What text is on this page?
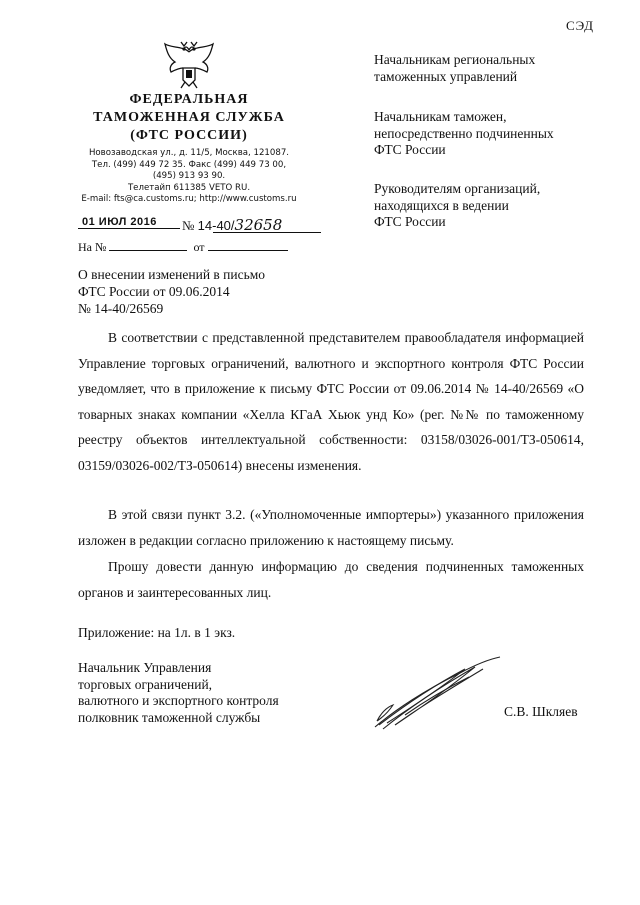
СЭД
ФЕДЕРАЛЬНАЯ
ТАМОЖЕННАЯ СЛУЖБА
(ФТС РОССИИ)
Новозаводская ул., д. 11/5, Москва, 121087.
Тел. (499) 449 72 35. Факс (499) 449 73 00,
(495) 913 93 90.
Телетайп 611385 VETO RU.
E-mail: fts@ca.customs.ru; http://www.customs.ru
01 ИЮЛ 2016	№ 14-40/32658
На №	от
Начальникам региональных
таможенных управлений
Начальникам таможен,
непосредственно подчиненных
ФТС России
Руководителям организаций,
находящихся в ведении
ФТС России
О внесении изменений в письмо
ФТС России от 09.06.2014
№ 14-40/26569
В соответствии с представленной представителем правообладателя информацией Управление торговых ограничений, валютного и экспортного контроля ФТС России уведомляет, что в приложение к письму ФТС России от 09.06.2014 № 14-40/26569 «О товарных знаках компании «Хелла КГаА Хьюк унд Ко» (рег. №№ по таможенному реестру объектов интеллектуальной собственности: 03158/03026-001/ТЗ-050614, 03159/03026-002/ТЗ-050614) внесены изменения.
В этой связи пункт 3.2. («Уполномоченные импортеры») указанного приложения изложен в редакции согласно приложению к настоящему письму.
Прошу довести данную информацию до сведения подчиненных таможенных органов и заинтересованных лиц.
Приложение: на 1л. в 1 экз.
Начальник Управления
торговых ограничений,
валютного и экспортного контроля
полковник таможенной службы	С.В. Шкляев
